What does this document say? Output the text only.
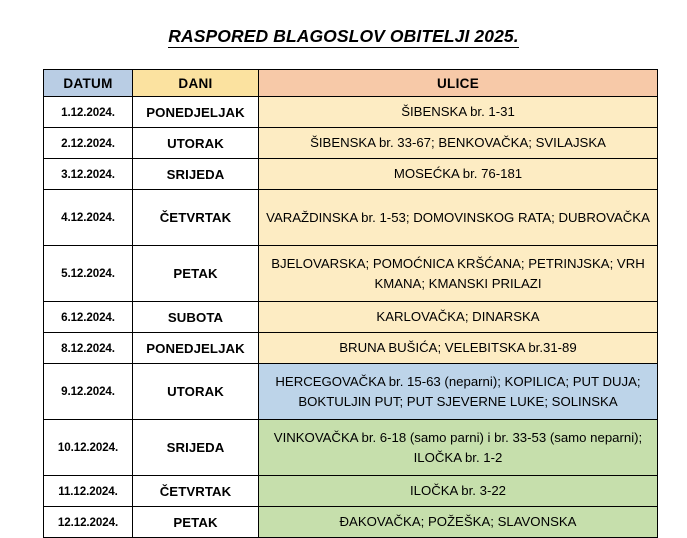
RASPORED BLAGOSLOV OBITELJI 2025.
DATUM	DANI	ULICE
1.12.2024.	PONEDJELJAK	ŠIBENSKA br. 1-31
2.12.2024.	UTORAK	ŠIBENSKA br. 33-67; BENKOVAČKA; SVILAJSKA
3.12.2024.	SRIJEDA	MOSEĆKA br. 76-181
4.12.2024.	ČETVRTAK	VARAŽDINSKA br. 1-53; DOMOVINSKOG RATA; DUBROVAČKA
5.12.2024.	PETAK	BJELOVARSKA; POMOĆNICA KRŠĆANA; PETRINJSKA; VRH KMANA; KMANSKI PRILAZI
6.12.2024.	SUBOTA	KARLOVAČKA; DINARSKA
8.12.2024.	PONEDJELJAK	BRUNA BUŠIĆA; VELEBITSKA br.31-89
9.12.2024.	UTORAK	HERCEGOVAČKA br. 15-63 (neparni); KOPILICA; PUT DUJA; BOKTULJIN PUT; PUT SJEVERNE LUKE; SOLINSKA
10.12.2024.	SRIJEDA	VINKOVAČKA br. 6-18 (samo parni) i br. 33-53 (samo neparni); ILOČKA br. 1-2
11.12.2024.	ČETVRTAK	ILOČKA br. 3-22
12.12.2024.	PETAK	ĐAKOVAČKA; POŽEŠKA; SLAVONSKA
